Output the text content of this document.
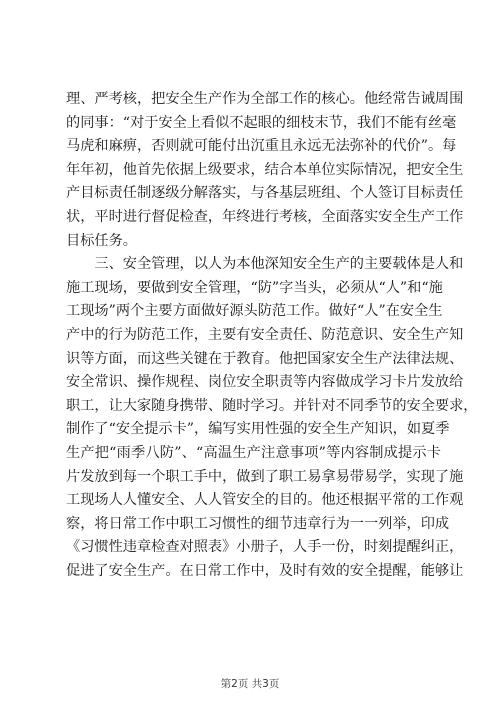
理、严考核，把安全生产作为全部工作的核心。他经常告诫周围
的同事：“对于安全上看似不起眼的细枝末节，我们不能有丝毫
马虎和麻痹，否则就可能付出沉重且永远无法弥补的代价”。每
年年初，他首先依据上级要求，结合本单位实际情况，把安全生
产目标责任制逐级分解落实，与各基层班组、个人签订目标责任
状，平时进行督促检查，年终进行考核，全面落实安全生产工作
目标任务。
　　三、安全管理，以人为本他深知安全生产的主要载体是人和
施工现场，要做到安全管理，“防”字当头，必须从“人”和“施
工现场”两个主要方面做好源头防范工作。做好“人”在安全生
产中的行为防范工作，主要有安全责任、防范意识、安全生产知
识等方面，而这些关键在于教育。他把国家安全生产法律法规、
安全常识、操作规程、岗位安全职责等内容做成学习卡片发放给
职工，让大家随身携带、随时学习。并针对不同季节的安全要求，
制作了“安全提示卡”，编写实用性强的安全生产知识，如夏季
生产把“雨季八防”、“高温生产注意事项”等内容制成提示卡
片发放到每一个职工手中，做到了职工易拿易带易学，实现了施
工现场人人懂安全、人人管安全的目的。他还根据平常的工作观
察，将日常工作中职工习惯性的细节违章行为一一列举，印成
《习惯性违章检查对照表》小册子，人手一份，时刻提醒纠正，
促进了安全生产。在日常工作中，及时有效的安全提醒，能够让
第2页 共3页
